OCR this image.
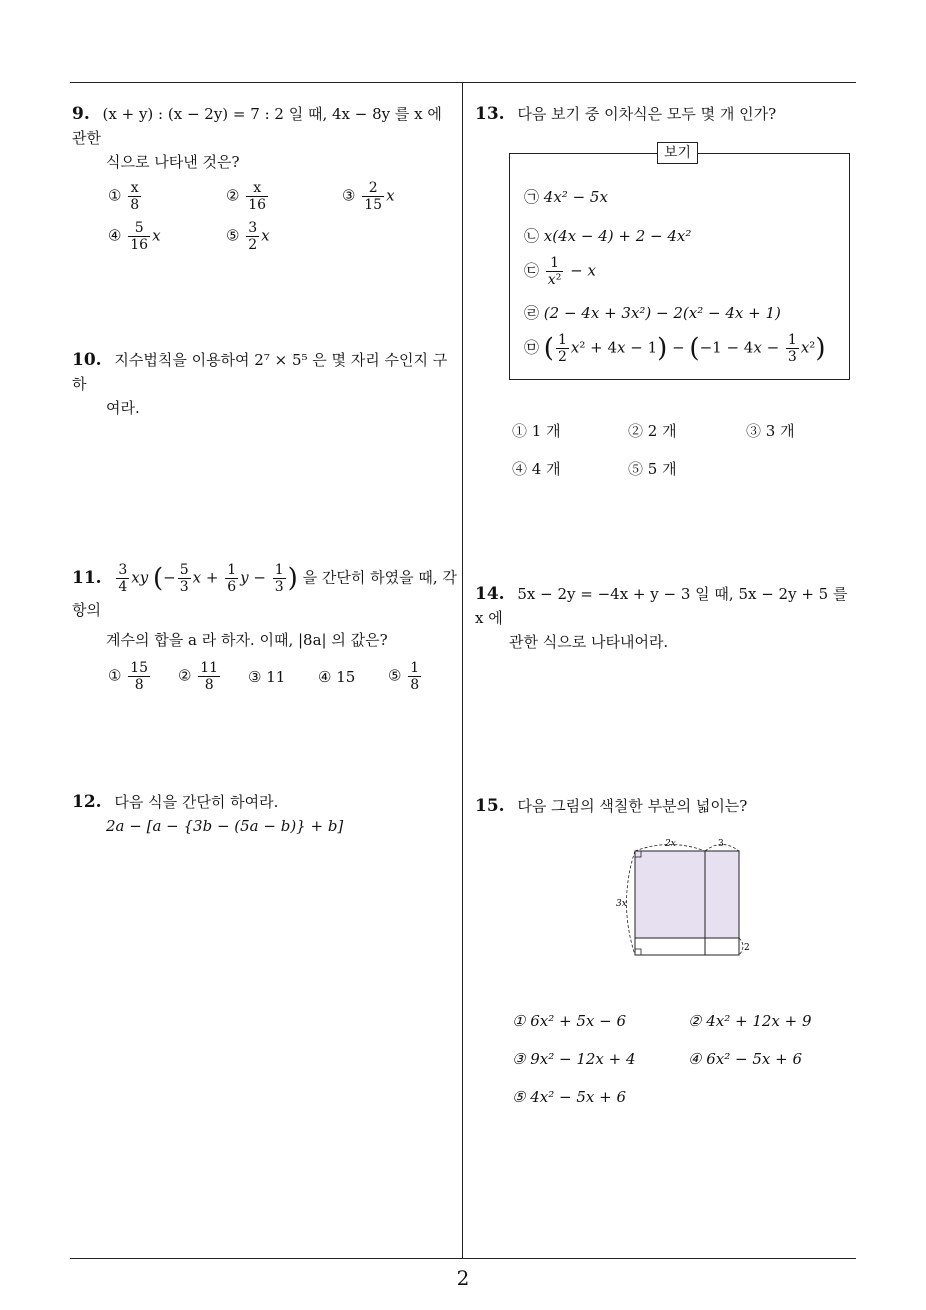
9. (x + y) : (x − 2y) = 7 : 2 일 때, 4x − 8y 를 x 에 관한
식으로 나타낸 것은?
① $\frac{x}{8}$	② $\frac{x}{16}$	③ $\frac{2}{15}$ x
④ $\frac{5}{16}$ x	⑤ $\frac{3}{2}$ x
10. 지수법칙을 이용하여 2⁷ × 5⁵ 은 몇 자리 수인지 구하
여라.
11. $\frac{3}{4}$ xy (− $\frac{5}{3}$ $x + \frac{1}{6}$ $y - \frac{1}{3}$ ) 을 간단히 하였을 때, 각 항의
계수의 합을 a 라 하자. 이때, |8a| 의 값은?
① $\frac{15}{8}$ ② $\frac{11}{8}$ ③ 11 ④ 15 ⑤ $\frac{1}{8}$
12. 다음 식을 간단히 하여라.
2a − [a − {3b − (5a − b)} + b]
13. 다음 보기 중 이차식은 모두 몇 개 인가?
보기
㉠ 4x² − 5x
㉡ x(4x − 4) + 2 − 4x²
㉢ $\frac{1}{\text{x²}} - x$
㉣ (2 − 4x + 3x²) − 2(x² − 4x + 1)
㉤ ( $\frac{1}{2} x^2 + 4x - 1) - (-1 - 4x - \frac{1}{3} x^2)$
① 1 개	② 2 개	③ 3 개
④ 4 개	⑤ 5 개
14. 5x − 2y = −4x + y − 3 일 때, 5x − 2y + 5 를 x 에
관한 식으로 나타내어라.
15. 다음 그림의 색칠한 부분의 넓이는?
2x	3
3x
2
① 6x² + 5x − 6	② 4x² + 12x + 9
③ 9x² − 12x + 4	④ 6x² − 5x + 6
⑤ 4x² − 5x + 6
2
